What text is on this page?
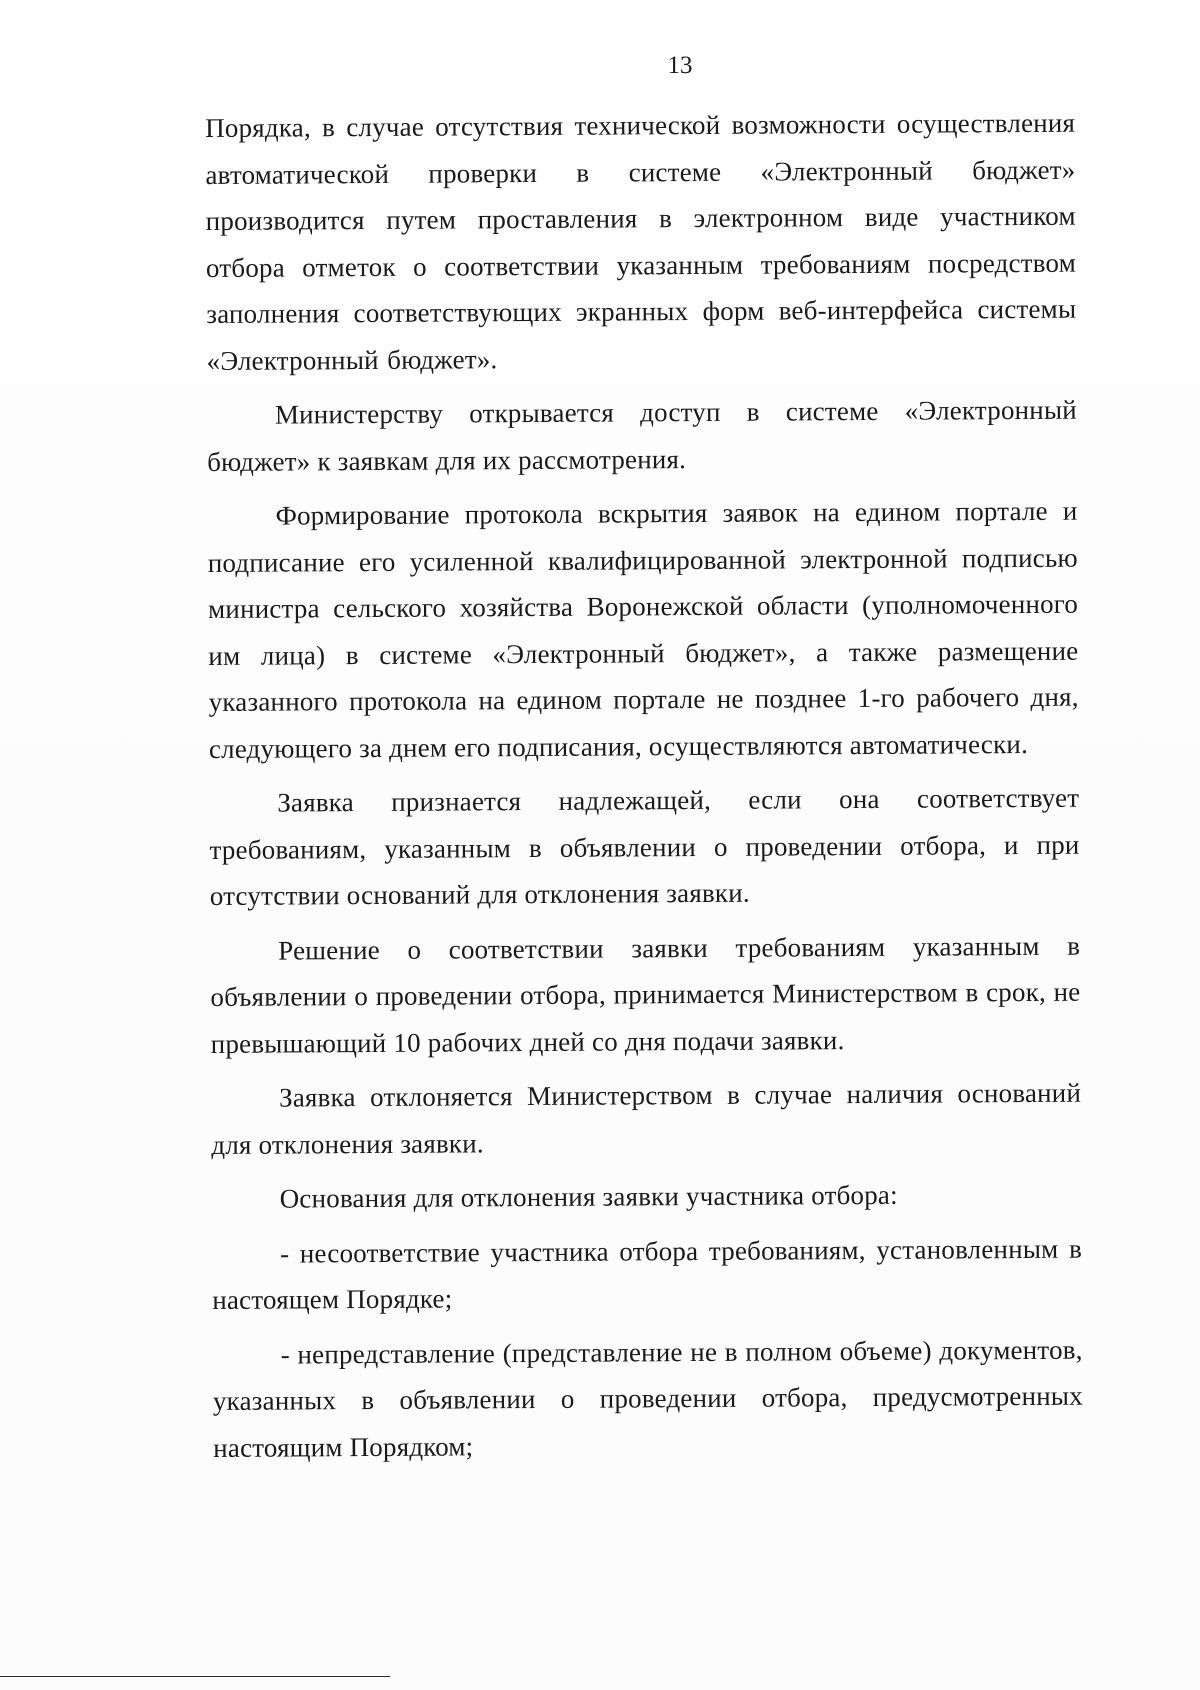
13

Порядка, в случае отсутствия технической возможности осуществления автоматической проверки в системе «Электронный бюджет» производится путем проставления в электронном виде участником отбора отметок о соответствии указанным требованиям посредством заполнения соответствующих экранных форм веб-интерфейса системы «Электронный бюджет».

Министерству открывается доступ в системе «Электронный бюджет» к заявкам для их рассмотрения.

Формирование протокола вскрытия заявок на едином портале и подписание его усиленной квалифицированной электронной подписью министра сельского хозяйства Воронежской области (уполномоченного им лица) в системе «Электронный бюджет», а также размещение указанного протокола на едином портале не позднее 1-го рабочего дня, следующего за днем его подписания, осуществляются автоматически.

Заявка признается надлежащей, если она соответствует требованиям, указанным в объявлении о проведении отбора, и при отсутствии оснований для отклонения заявки.

Решение о соответствии заявки требованиям указанным в объявлении о проведении отбора, принимается Министерством в срок, не превышающий 10 рабочих дней со дня подачи заявки.

Заявка отклоняется Министерством в случае наличия оснований для отклонения заявки.

Основания для отклонения заявки участника отбора:

- несоответствие участника отбора требованиям, установленным в настоящем Порядке;

- непредставление (представление не в полном объеме) документов, указанных в объявлении о проведении отбора, предусмотренных настоящим Порядком;
